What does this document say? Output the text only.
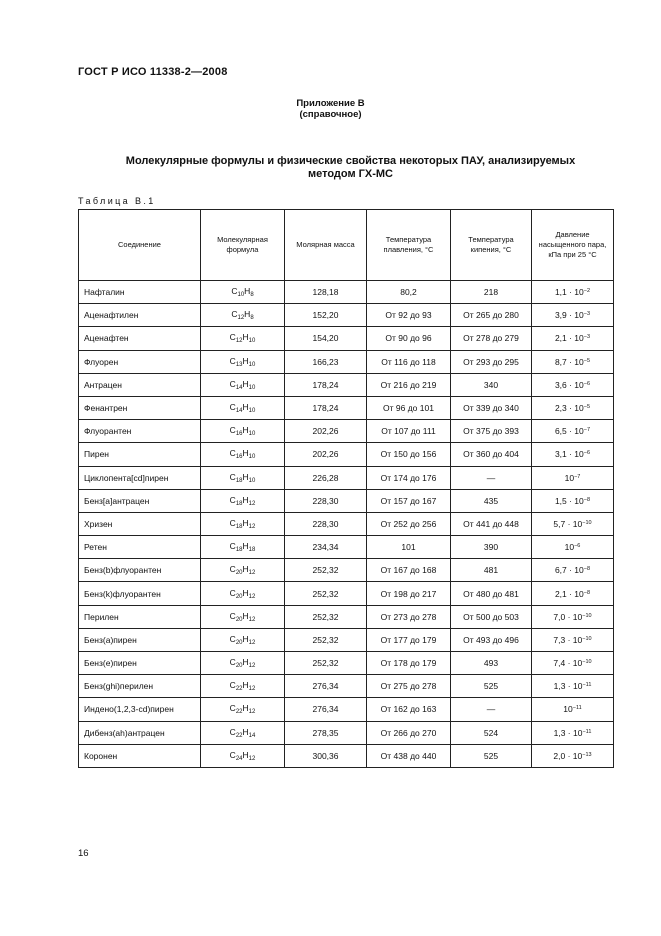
ГОСТ Р ИСО 11338-2—2008
Приложение В
(справочное)
Молекулярные формулы и физические свойства некоторых ПАУ, анализируемых
методом ГХ-МС
Таблица В.1
Соединение	Молекулярная формула	Молярная масса	Температура плавления, °С	Температура кипения, °С	Давление насыщенного пара, кПа при 25 °С
Нафталин	$C_{10}H_8$	128,18	80,2	218	$1,1 \cdot 10^{-2}$
Аценафтилен	$C_{12}H_8$	152,20	От 92 до 93	От 265 до 280	$3,9 \cdot 10^{-3}$
Аценафтен	$C_{12}H_{10}$	154,20	От 90 до 96	От 278 до 279	$2,1 \cdot 10^{-3}$
Флуорен	$C_{13}H_{10}$	166,23	От 116 до 118	От 293 до 295	$8,7 \cdot 10^{-5}$
Антрацен	$C_{14}H_{10}$	178,24	От 216 до 219	340	$3,6 \cdot 10^{-6}$
Фенантрен	$C_{14}H_{10}$	178,24	От 96 до 101	От 339 до 340	$2,3 \cdot 10^{-5}$
Флуорантен	$C_{16}H_{10}$	202,26	От 107 до 111	От 375 до 393	$6,5 \cdot 10^{-7}$
Пирен	$C_{16}H_{10}$	202,26	От 150 до 156	От 360 до 404	$3,1 \cdot 10^{-6}$
Циклопента[cd]пирен	$C_{18}H_{10}$	226,28	От 174 до 176	—	$10^{-7}$
Бенз[a]антрацен	$C_{18}H_{12}$	228,30	От 157 до 167	435	$1,5 \cdot 10^{-8}$
Хризен	$C_{18}H_{12}$	228,30	От 252 до 256	От 441 до 448	$5,7 \cdot 10^{-10}$
Ретен	$C_{18}H_{18}$	234,34	101	390	$10^{-6}$
Бенз(b)флуорантен	$C_{20}H_{12}$	252,32	От 167 до 168	481	$6,7 \cdot 10^{-8}$
Бенз(k)флуорантен	$C_{20}H_{12}$	252,32	От 198 до 217	От 480 до 481	$2,1 \cdot 10^{-8}$
Перилен	$C_{20}H_{12}$	252,32	От 273 до 278	От 500 до 503	$7,0 \cdot 10^{-10}$
Бенз(а)пирен	$C_{20}H_{12}$	252,32	От 177 до 179	От 493 до 496	$7,3 \cdot 10^{-10}$
Бенз(е)пирен	$C_{20}H_{12}$	252,32	От 178 до 179	493	$7,4 \cdot 10^{-10}$
Бенз(ghi)перилен	$C_{22}H_{12}$	276,34	От 275 до 278	525	$1,3 \cdot 10^{-11}$
Индено(1,2,3-cd)пирен	$C_{22}H_{12}$	276,34	От 162 до 163	—	$10^{-11}$
Дибенз(ah)антрацен	$C_{22}H_{14}$	278,35	От 266 до 270	524	$1,3 \cdot 10^{-11}$
Коронен	$C_{24}H_{12}$	300,36	От 438 до 440	525	$2,0 \cdot 10^{-13}$
16
